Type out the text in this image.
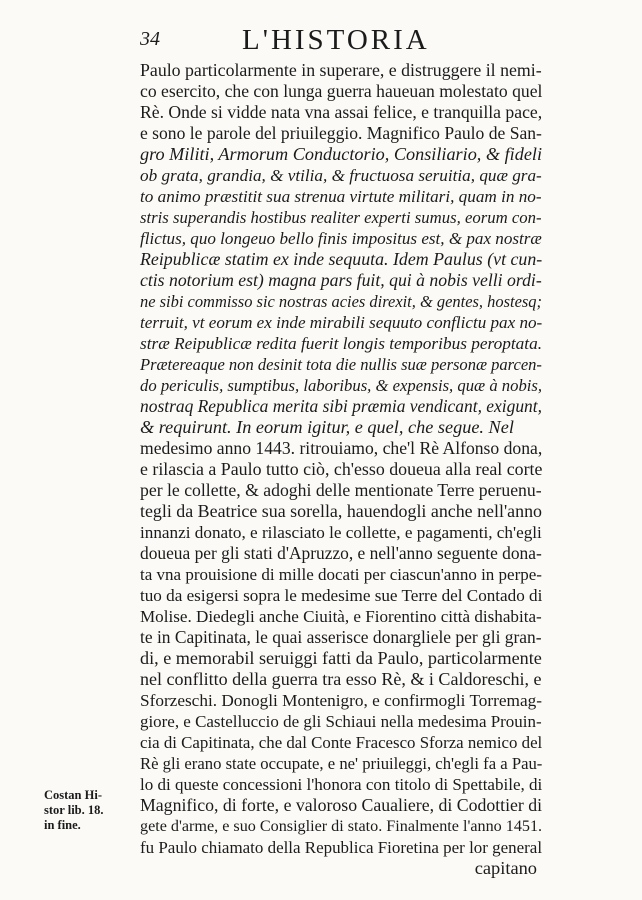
34	L'HISTORIA
Paulo particolarmente in superare, e distruggere il nemi-
co esercito, che con lunga guerra haueuan molestato quel
Rè. Onde si vidde nata vna assai felice, e tranquilla pace,
e sono le parole del priuileggio. Magnifico Paulo de San-
gro Militi, Armorum Conductorio, Consiliario, & fideli
ob grata, grandia, & vtilia, & fructuosa seruitia, quæ gra-
to animo præstitit sua strenua virtute militari, quam in no-
stris superandis hostibus realiter experti sumus, eorum con-
flictus, quo longeuo bello finis impositus est, & pax nostræ
Reipublicæ statim ex inde sequuta. Idem Paulus (vt cun-
ctis notorium est) magna pars fuit, qui à nobis velli ordi-
ne sibi commisso sic nostras acies direxit, & gentes, hostesq;
terruit, vt eorum ex inde mirabili sequuto conflictu pax no-
stræ Reipublicæ redita fuerit longis temporibus peroptata.
Prætereaque non desinit tota die nullis suæ personæ parcen-
do periculis, sumptibus, laboribus, & expensis, quæ à nobis,
nostraq Republica merita sibi præmia vendicant, exigunt,
& requirunt. In eorum igitur, e quel, che segue. Nel
medesimo anno 1443. ritrouiamo, che'l Rè Alfonso dona,
e rilascia a Paulo tutto ciò, ch'esso doueua alla real corte
per le collette, & adoghi delle mentionate Terre peruenu-
tegli da Beatrice sua sorella, hauendogli anche nell'anno
innanzi donato, e rilasciato le collette, e pagamenti, ch'egli
doueua per gli stati d'Apruzzo, e nell'anno seguente dona-
ta vna prouisione di mille docati per ciascun'anno in perpe-
tuo da esigersi sopra le medesime sue Terre del Contado di
Molise. Diedegli anche Ciuità, e Fiorentino città dishabita-
te in Capitinata, le quai asserisce donargliele per gli gran-
di, e memorabil seruiggi fatti da Paulo, particolarmente
nel conflitto della guerra tra esso Rè, & i Caldoreschi, e
Sforzeschi. Donogli Montenigro, e confirmogli Torremag-
giore, e Castelluccio de gli Schiaui nella medesima Prouin-
cia di Capitinata, che dal Conte Fracesco Sforza nemico del
Rè gli erano state occupate, e ne' priuileggi, ch'egli fa a Pau-
lo di queste concessioni l'honora con titolo di Spettabile, di
Magnifico, di forte, e valoroso Caualiere, di Codottier di
gete d'arme, e suo Consiglier di stato. Finalmente l'anno 1451.
fu Paulo chiamato della Republica Fioretina per lor general
capitano
Costan Hi-
stor lib. 18.
in fine.
